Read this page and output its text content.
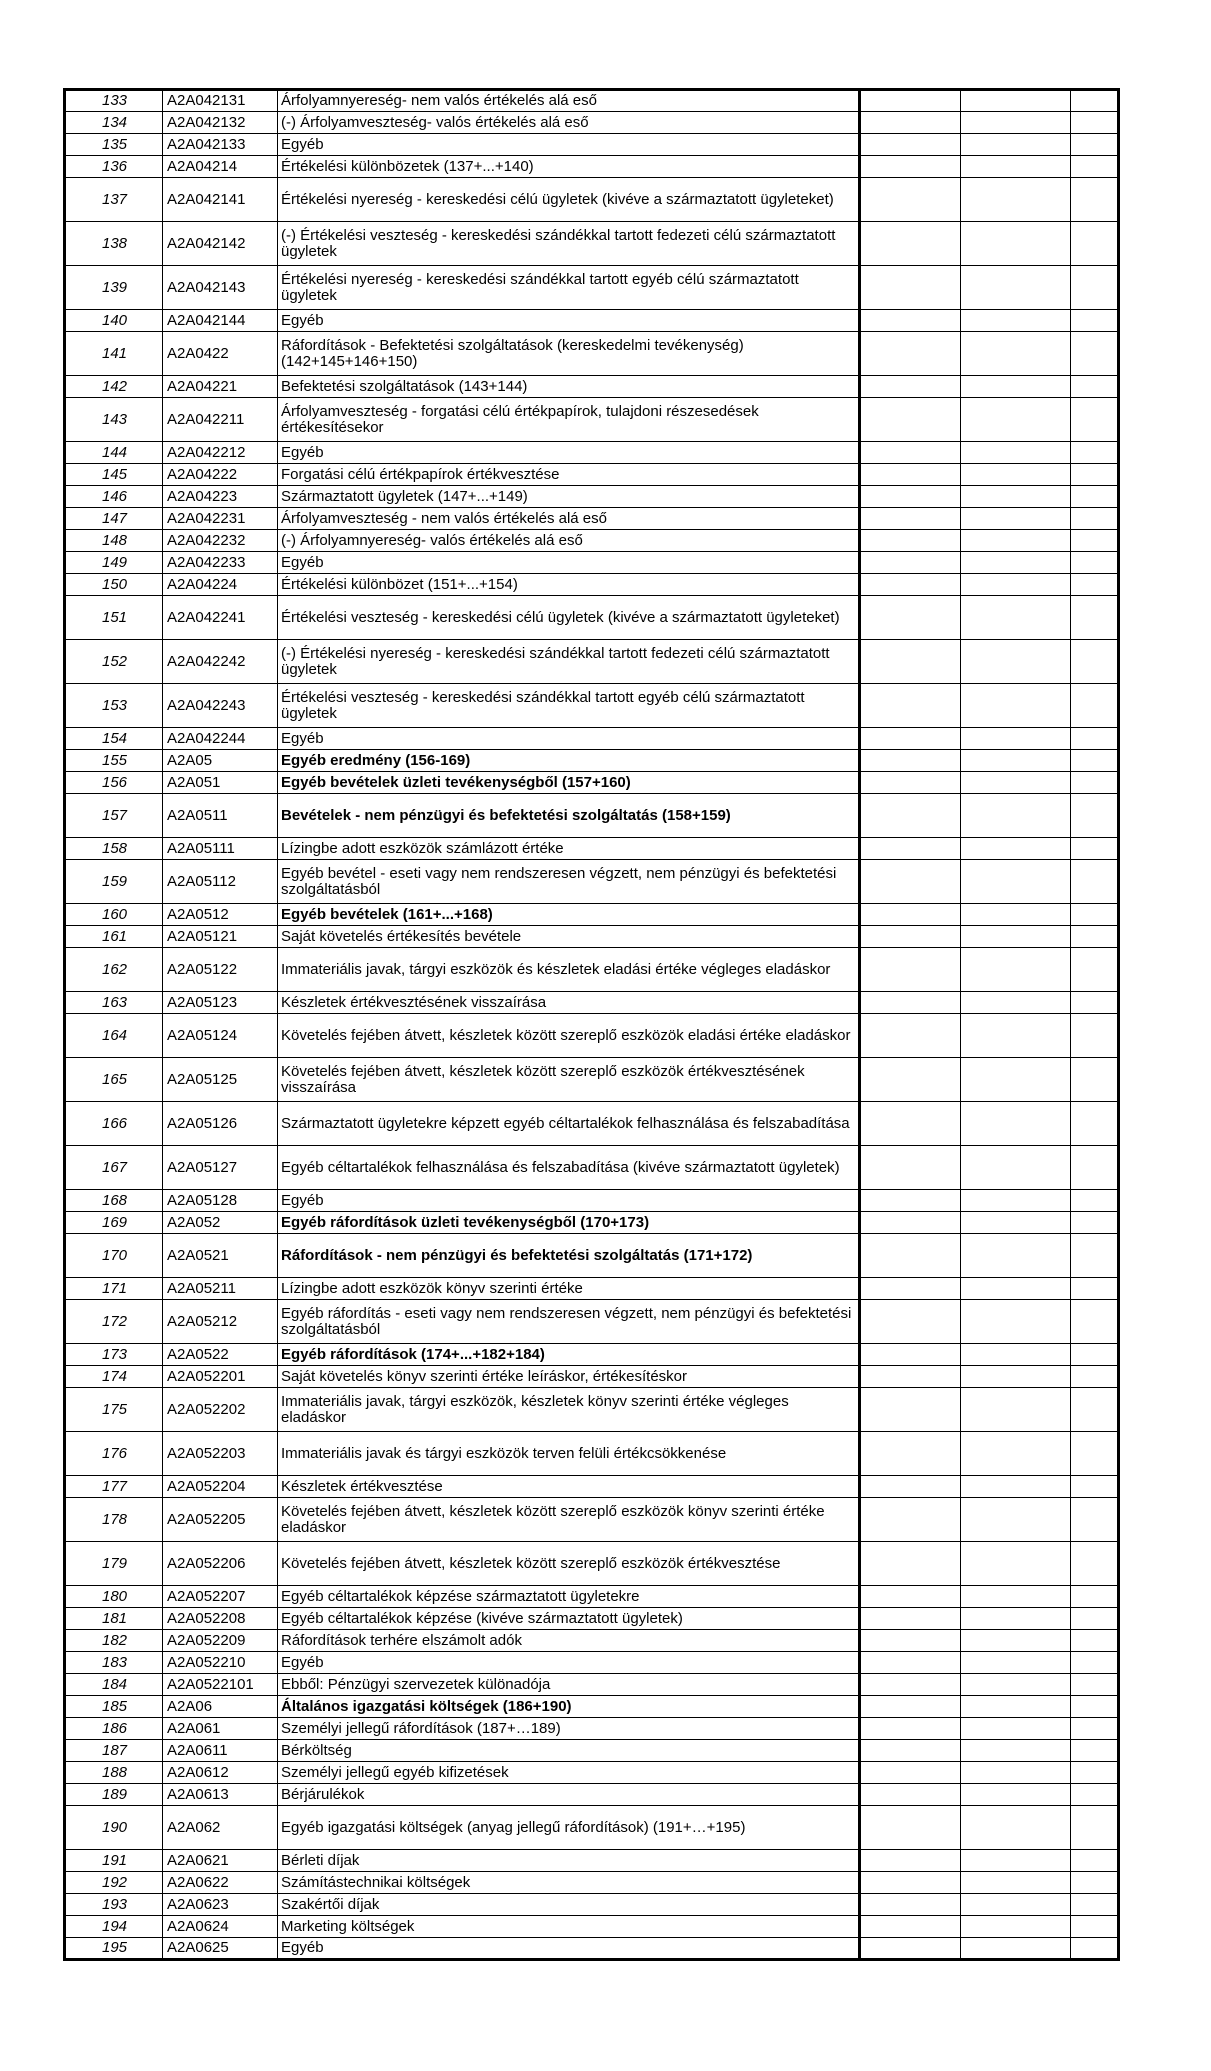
133	A2A042131	Árfolyamnyereség- nem valós értékelés alá eső			
134	A2A042132	(-) Árfolyamveszteség- valós értékelés alá eső			
135	A2A042133	Egyéb			
136	A2A04214	Értékelési különbözetek (137+...+140)			
137	A2A042141	Értékelési nyereség - kereskedési célú ügyletek (kivéve a származtatott ügyleteket)			
138	A2A042142	(-) Értékelési veszteség - kereskedési szándékkal tartott fedezeti célú származtatott ügyletek			
139	A2A042143	Értékelési nyereség - kereskedési szándékkal tartott egyéb célú származtatott ügyletek			
140	A2A042144	Egyéb			
141	A2A0422	Ráfordítások - Befektetési szolgáltatások (kereskedelmi tevékenység) (142+145+146+150)			
142	A2A04221	Befektetési szolgáltatások (143+144)			
143	A2A042211	Árfolyamveszteség - forgatási célú értékpapírok, tulajdoni részesedések értékesítésekor			
144	A2A042212	Egyéb			
145	A2A04222	Forgatási célú értékpapírok értékvesztése			
146	A2A04223	Származtatott ügyletek (147+...+149)			
147	A2A042231	Árfolyamveszteség - nem valós értékelés alá eső			
148	A2A042232	(-) Árfolyamnyereség- valós értékelés alá eső			
149	A2A042233	Egyéb			
150	A2A04224	Értékelési különbözet (151+...+154)			
151	A2A042241	Értékelési veszteség - kereskedési célú ügyletek (kivéve a származtatott ügyleteket)			
152	A2A042242	(-) Értékelési nyereség - kereskedési szándékkal tartott fedezeti célú származtatott ügyletek			
153	A2A042243	Értékelési veszteség - kereskedési szándékkal tartott egyéb célú származtatott ügyletek			
154	A2A042244	Egyéb			
155	A2A05	Egyéb eredmény (156-169)			
156	A2A051	Egyéb bevételek üzleti tevékenységből (157+160)			
157	A2A0511	Bevételek - nem pénzügyi és befektetési szolgáltatás (158+159)			
158	A2A05111	Lízingbe adott eszközök számlázott értéke			
159	A2A05112	Egyéb bevétel - eseti vagy nem rendszeresen végzett, nem pénzügyi és befektetési szolgáltatásból			
160	A2A0512	Egyéb bevételek (161+...+168)			
161	A2A05121	Saját követelés értékesítés bevétele			
162	A2A05122	Immateriális javak, tárgyi eszközök és készletek eladási értéke végleges eladáskor			
163	A2A05123	Készletek értékvesztésének visszaírása			
164	A2A05124	Követelés fejében átvett, készletek között szereplő eszközök eladási értéke eladáskor			
165	A2A05125	Követelés fejében átvett, készletek között szereplő eszközök értékvesztésének visszaírása			
166	A2A05126	Származtatott ügyletekre képzett egyéb céltartalékok felhasználása és felszabadítása			
167	A2A05127	Egyéb céltartalékok felhasználása és felszabadítása (kivéve származtatott ügyletek)			
168	A2A05128	Egyéb			
169	A2A052	Egyéb ráfordítások üzleti tevékenységből (170+173)			
170	A2A0521	Ráfordítások - nem pénzügyi és befektetési szolgáltatás (171+172)			
171	A2A05211	Lízingbe adott eszközök könyv szerinti értéke			
172	A2A05212	Egyéb ráfordítás - eseti vagy nem rendszeresen végzett, nem pénzügyi és befektetési szolgáltatásból			
173	A2A0522	Egyéb ráfordítások (174+...+182+184)			
174	A2A052201	Saját követelés könyv szerinti értéke leíráskor, értékesítéskor			
175	A2A052202	Immateriális javak, tárgyi eszközök, készletek könyv szerinti értéke végleges eladáskor			
176	A2A052203	Immateriális javak és tárgyi eszközök terven felüli értékcsökkenése			
177	A2A052204	Készletek értékvesztése			
178	A2A052205	Követelés fejében átvett, készletek között szereplő eszközök könyv szerinti értéke eladáskor			
179	A2A052206	Követelés fejében átvett, készletek között szereplő eszközök értékvesztése			
180	A2A052207	Egyéb céltartalékok képzése származtatott ügyletekre			
181	A2A052208	Egyéb céltartalékok képzése (kivéve származtatott ügyletek)			
182	A2A052209	Ráfordítások terhére elszámolt adók			
183	A2A052210	Egyéb			
184	A2A0522101	Ebből: Pénzügyi szervezetek különadója			
185	A2A06	Általános igazgatási költségek (186+190)			
186	A2A061	Személyi jellegű ráfordítások (187+…189)			
187	A2A0611	Bérköltség			
188	A2A0612	Személyi jellegű egyéb kifizetések			
189	A2A0613	Bérjárulékok			
190	A2A062	Egyéb igazgatási költségek (anyag jellegű ráfordítások) (191+…+195)			
191	A2A0621	Bérleti díjak			
192	A2A0622	Számítástechnikai költségek			
193	A2A0623	Szakértői díjak			
194	A2A0624	Marketing költségek			
195	A2A0625	Egyéb			
